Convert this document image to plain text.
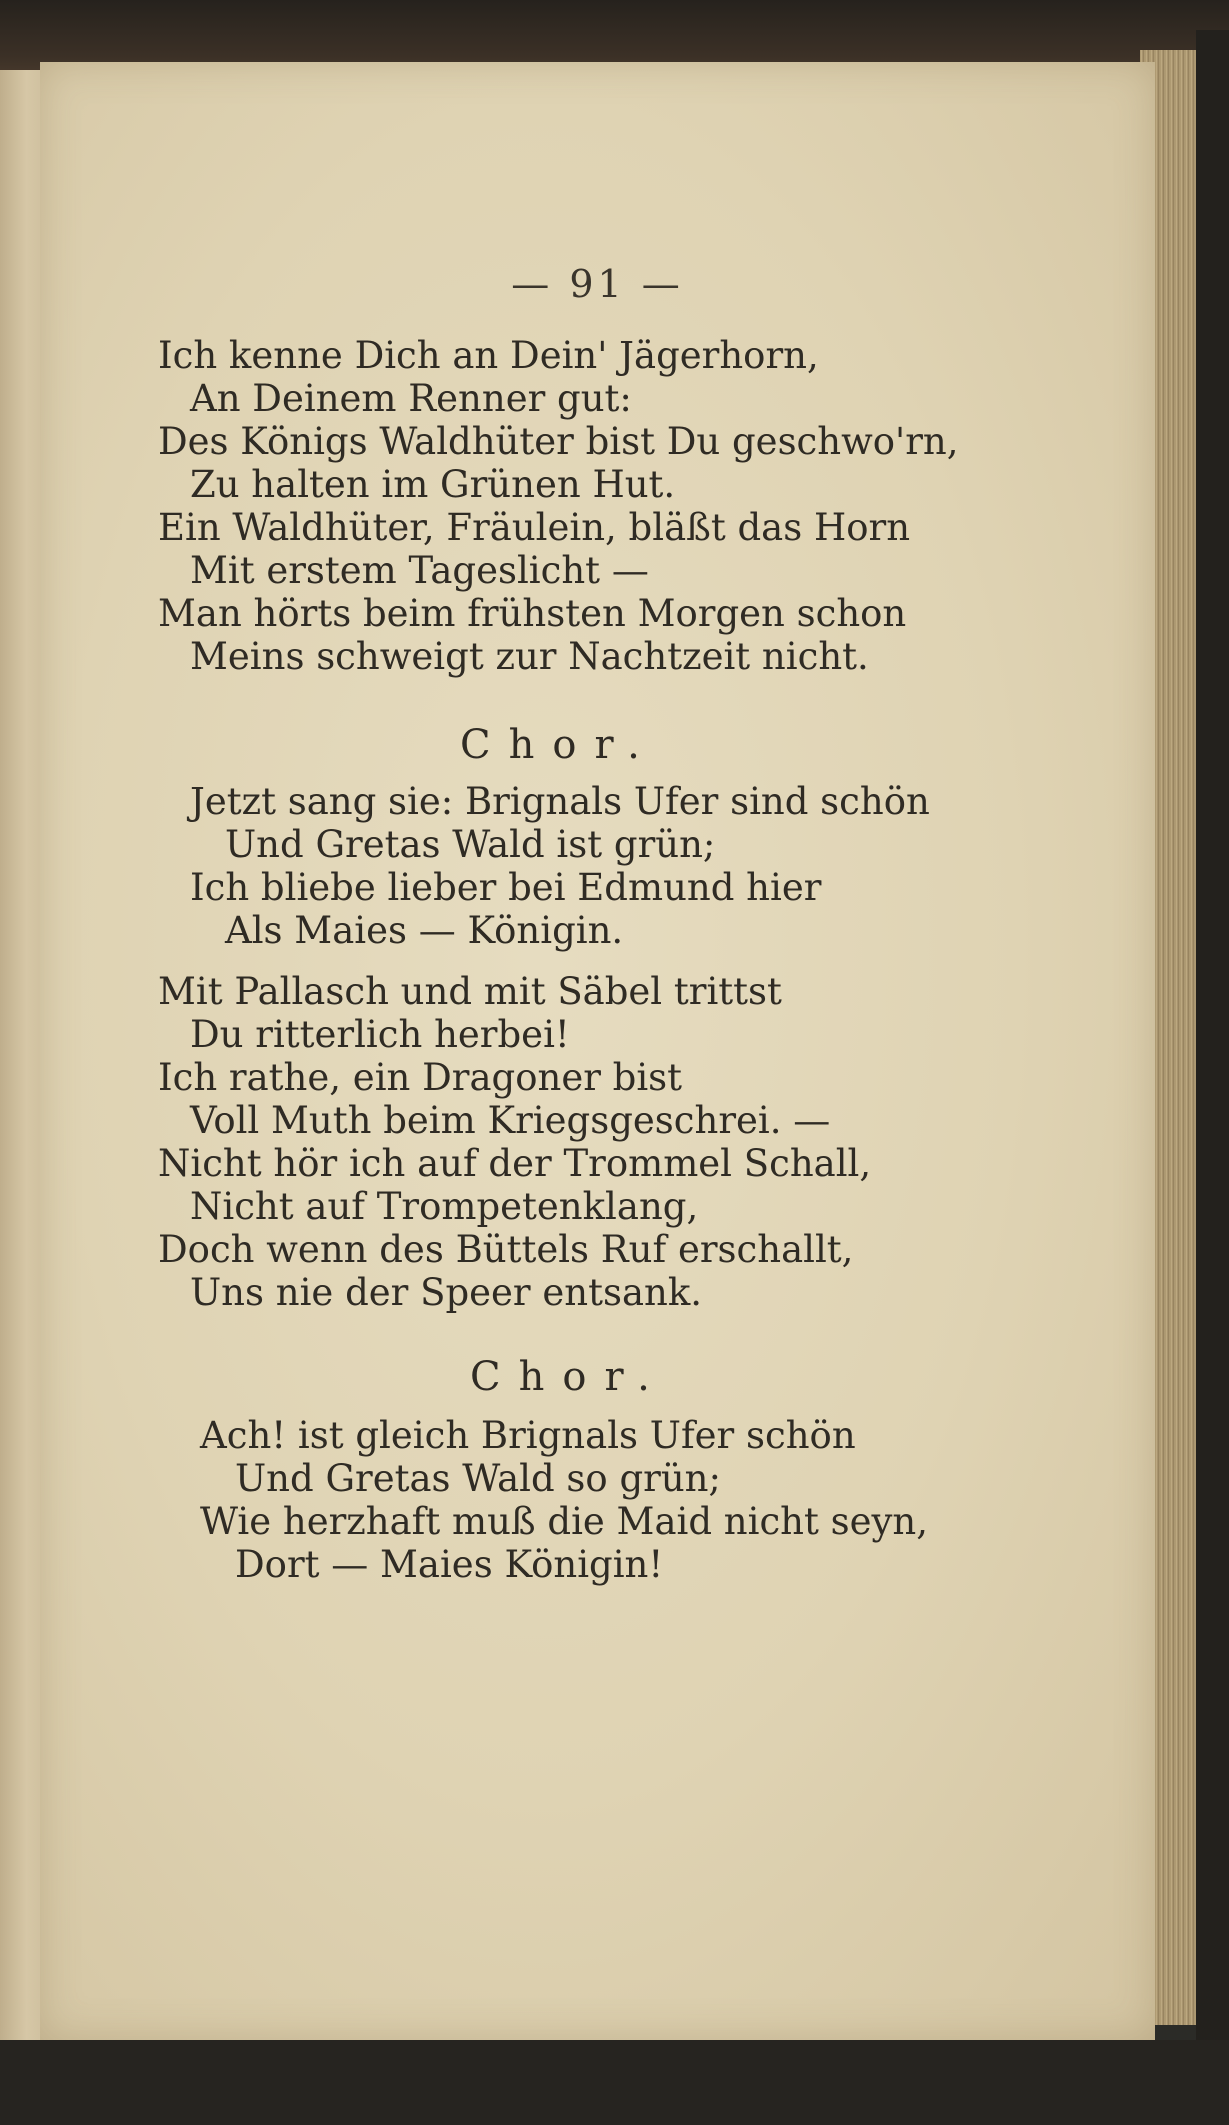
— 91 —
Ich kenne Dich an Dein' Jägerhorn,
An Deinem Renner gut:
Des Königs Waldhüter bist Du geschwo'rn,
Zu halten im Grünen Hut.
Ein Waldhüter, Fräulein, bläßt das Horn
Mit erstem Tageslicht —
Man hörts beim frühsten Morgen schon
Meins schweigt zur Nachtzeit nicht.
Chor.
Jetzt sang sie: Brignals Ufer sind schön
Und Gretas Wald ist grün;
Ich bliebe lieber bei Edmund hier
Als Maies — Königin.
Mit Pallasch und mit Säbel trittst
Du ritterlich herbei!
Ich rathe, ein Dragoner bist
Voll Muth beim Kriegsgeschrei. —
Nicht hör ich auf der Trommel Schall,
Nicht auf Trompetenklang,
Doch wenn des Büttels Ruf erschallt,
Uns nie der Speer entsank.
Chor.
Ach! ist gleich Brignals Ufer schön
Und Gretas Wald so grün;
Wie herzhaft muß die Maid nicht seyn,
Dort — Maies Königin!
